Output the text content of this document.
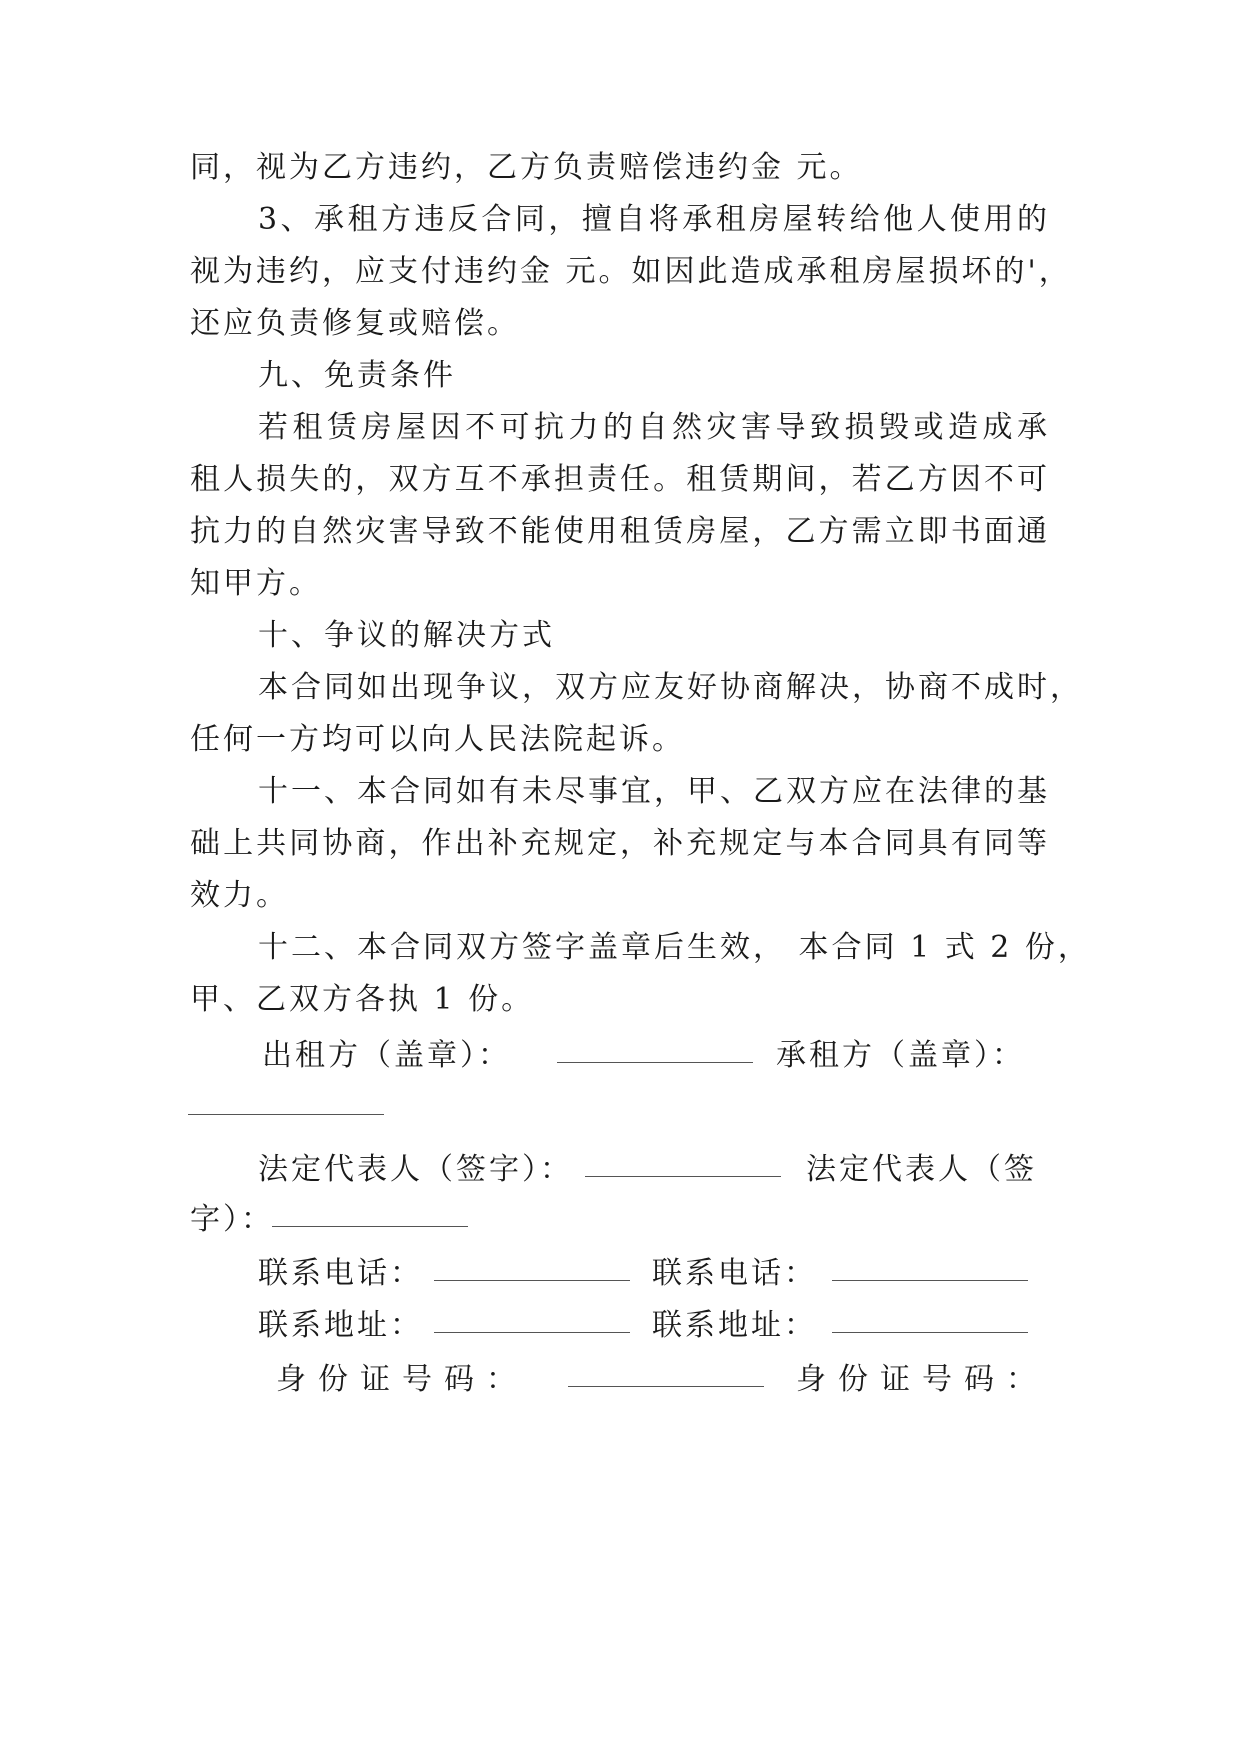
同，视为乙方违约，乙方负责赔偿违约金 元。
3、承租方违反合同，擅自将承租房屋转给他人使用的
视为违约，应支付违约金 元。如因此造成承租房屋损坏的'，
还应负责修复或赔偿。
九、免责条件
若租赁房屋因不可抗力的自然灾害导致损毁或造成承
租人损失的，双方互不承担责任。租赁期间，若乙方因不可
抗力的自然灾害导致不能使用租赁房屋，乙方需立即书面通
知甲方。
十、争议的解决方式
本合同如出现争议，双方应友好协商解决，协商不成时，
任何一方均可以向人民法院起诉。
十一、本合同如有未尽事宜，甲、乙双方应在法律的基
础上共同协商，作出补充规定，补充规定与本合同具有同等
效力。
十二、本合同双方签字盖章后生效， 本合同 1 式 2 份，
甲、乙双方各执 1 份。
出租方（盖章）：	承租方（盖章）：
法定代表人（签字）：	法定代表人（签
字）：
联系电话：	联系电话：
联系地址：	联系地址：
身份证号码：	身份证号码：
